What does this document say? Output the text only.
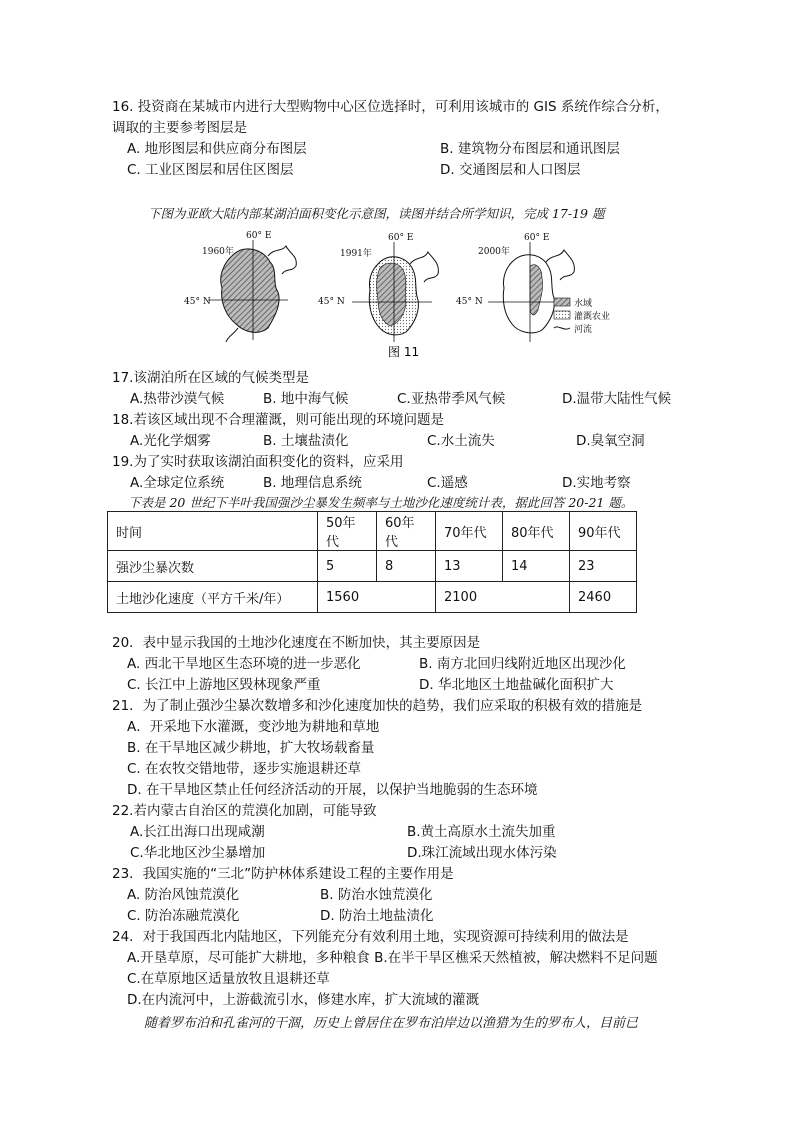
16. 投资商在某城市内进行大型购物中心区位选择时，可利用该城市的 GIS 系统作综合分析，
调取的主要参考图层是
A. 地形图层和供应商分布图层	B. 建筑物分布图层和通讯图层
C. 工业区图层和居住区图层	D. 交通图层和人口图层
下图为亚欧大陆内部某湖泊面积变化示意图，读图并结合所学知识，完成 17-19 题
1960年
60° E
45° N
1991年
60° E
45° N
2000年
60° E
45° N	水域
灌溉农业
河流
图 11
17.该湖泊所在区域的气候类型是
A.热带沙漠气候	B. 地中海气候	C.亚热带季风气候	D.温带大陆性气候
18.若该区域出现不合理灌溉，则可能出现的环境问题是
A.光化学烟雾	B. 土壤盐渍化	C.水土流失	D.臭氧空洞
19.为了实时获取该湖泊面积变化的资料，应采用
A.全球定位系统	B. 地理信息系统	C.遥感	D.实地考察
下表是 20 世纪下半叶我国强沙尘暴发生频率与土地沙化速度统计表，据此回答 20-21 题。
时间	50年代	60年代	70年代	80年代	90年代
强沙尘暴次数	5	8	13	14	23
土地沙化速度（平方千米/年）	1560		2100		2460
20．表中显示我国的土地沙化速度在不断加快，其主要原因是
A. 西北干旱地区生态环境的进一步恶化	B. 南方北回归线附近地区出现沙化
C. 长江中上游地区毁林现象严重	D. 华北地区土地盐碱化面积扩大
21．为了制止强沙尘暴次数增多和沙化速度加快的趋势，我们应采取的积极有效的措施是
A．开采地下水灌溉，变沙地为耕地和草地
B. 在干旱地区减少耕地，扩大牧场载畜量
C. 在农牧交错地带，逐步实施退耕还草
D. 在干旱地区禁止任何经济活动的开展，以保护当地脆弱的生态环境
22.若内蒙古自治区的荒漠化加剧，可能导致
A.长江出海口出现咸潮	B.黄土高原水土流失加重
C.华北地区沙尘暴增加	D.珠江流域出现水体污染
23．我国实施的“三北”防护林体系建设工程的主要作用是
A. 防治风蚀荒漠化	B. 防治水蚀荒漠化
C. 防治冻融荒漠化	D. 防治土地盐渍化
24．对于我国西北内陆地区，下列能充分有效利用土地，实现资源可持续利用的做法是
A.开垦草原，尽可能扩大耕地，多种粮食 B.在半干旱区樵采天然植被，解决燃料不足问题
C.在草原地区适量放牧且退耕还草
D.在内流河中，上游截流引水，修建水库，扩大流域的灌溉
随着罗布泊和孔雀河的干涸，历史上曾居住在罗布泊岸边以渔猎为生的罗布人，目前已
